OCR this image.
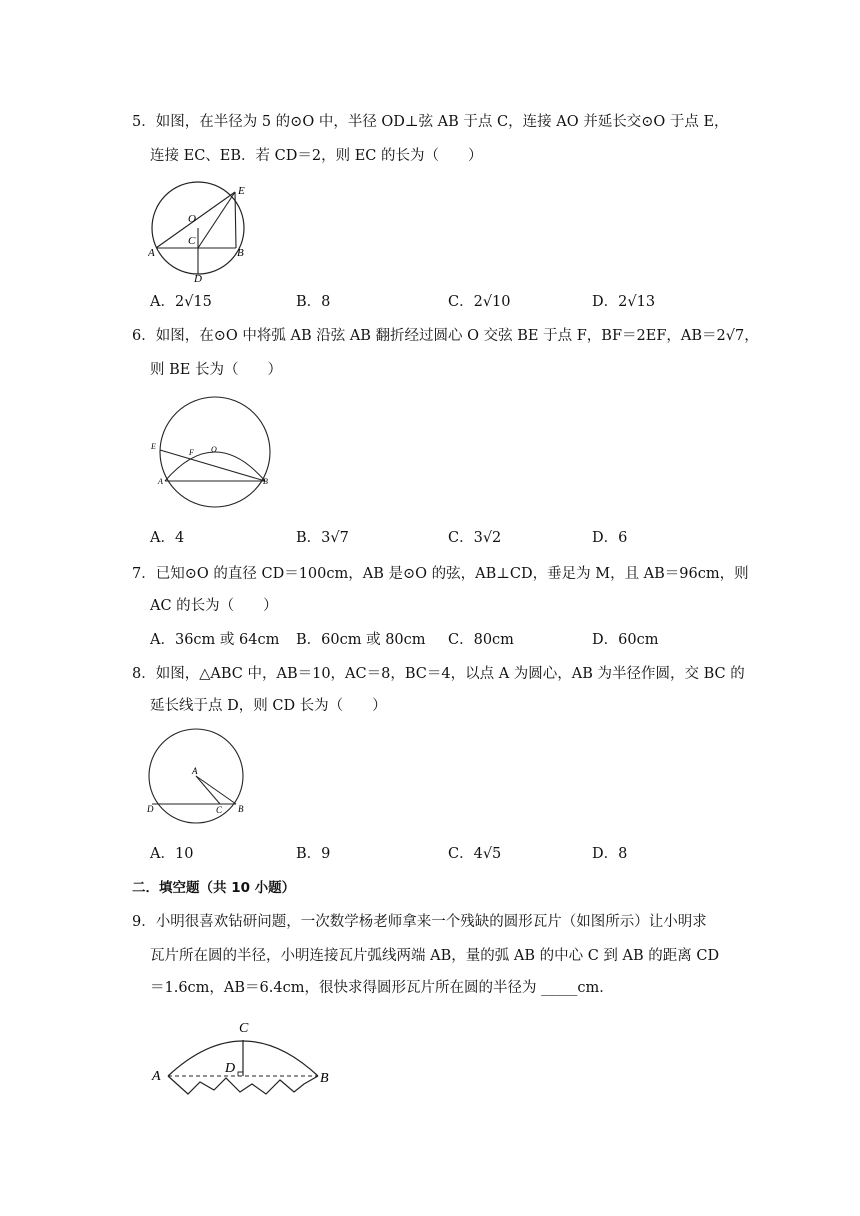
5．如图，在半径为 5 的⊙O 中，半径 OD⊥弦 AB 于点 C，连接 AO 并延长交⊙O 于点 E，
连接 EC、EB．若 CD＝2，则 EC 的长为（　　）
E
O
C
A	B
D
A．2√15	B．8	C．2√10	D．2√13
6．如图，在⊙O 中将弧 AB 沿弦 AB 翻折经过圆心 O 交弦 BE 于点 F，BF＝2EF，AB＝2√7，
则 BE 长为（　　）
E
F O
A	B
A．4	B．3√7	C．3√2	D．6
7．已知⊙O 的直径 CD＝100cm，AB 是⊙O 的弦，AB⊥CD，垂足为 M，且 AB＝96cm，则
AC 的长为（　　）
A．36cm 或 64cm B．60cm 或 80cm C．80cm	D．60cm
8．如图，△ABC 中，AB＝10，AC＝8，BC＝4，以点 A 为圆心，AB 为半径作圆，交 BC 的
延长线于点 D，则 CD 长为（　　）
A
D	C B
A．10	B．9	C．4√5	D．8
二．填空题（共 10 小题）
9．小明很喜欢钻研问题，一次数学杨老师拿来一个残缺的圆形瓦片（如图所示）让小明求
瓦片所在圆的半径，小明连接瓦片弧线两端 AB，量的弧 AB 的中心 C 到 AB 的距离 CD
＝1.6cm，AB＝6.4cm，很快求得圆形瓦片所在圆的半径为 _____cm．
C
A
D
B
